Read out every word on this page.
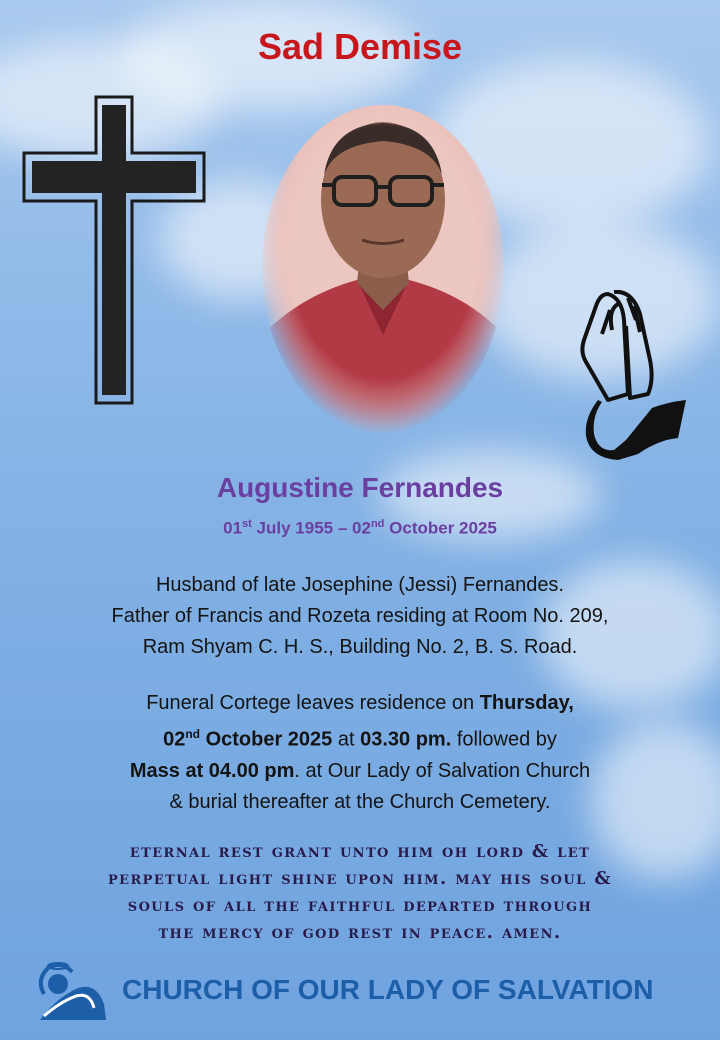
Sad Demise
Augustine Fernandes
01st July 1955 – 02nd October 2025
Husband of late Josephine (Jessi) Fernandes.
Father of Francis and Rozeta residing at Room No. 209,
Ram Shyam C. H. S., Building No. 2, B. S. Road.
Funeral Cortege leaves residence on Thursday,
02nd October 2025 at 03.30 pm. followed by
Mass at 04.00 pm. at Our Lady of Salvation Church
& burial thereafter at the Church Cemetery.
eternal rest grant unto him oh lord & let
perpetual light shine upon him. may his soul &
souls of all the faithful departed through
the mercy of god rest in peace. amen.
CHURCH OF OUR LADY OF SALVATION
